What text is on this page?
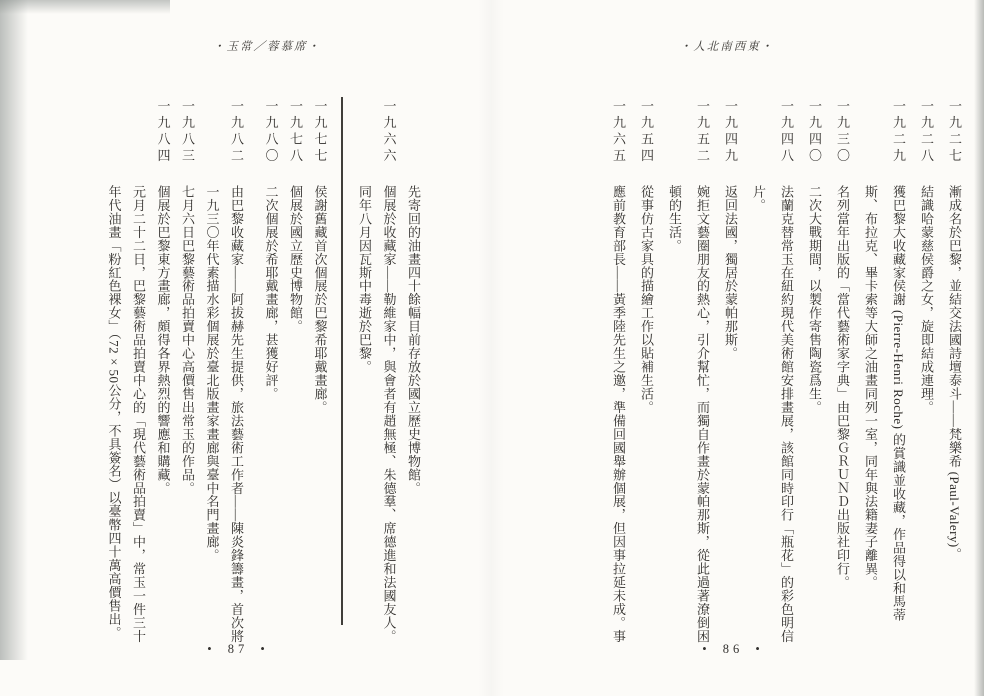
・玉常／蓉慕席・
先寄回的油畫四十餘幅目前存放於國立歷史博物館。
一九六六
個展於收藏家——勒維家中，與會者有趙無極、朱德羣、席德進和法國友人。同年八月因瓦斯中毒逝於巴黎。
一九七七
侯謝舊藏首次個展於巴黎希耶戴畫廊。
一九七八
個展於國立歷史博物館。
一九八〇
二次個展於希耶戴畫廊，甚獲好評。
一九八二
由巴黎收藏家——阿拔赫先生提供，旅法藝術工作者——陳炎鋒籌畫，首次將一九三〇年代素描水彩個展於臺北版畫家畫廊與臺中名門畫廊。
一九八三
七月六日巴黎藝術品拍賣中心高價售出常玉的作品。
一九八四
個展於巴黎東方畫廊，頗得各界熱烈的響應和購藏。
元月二十二日，巴黎藝術品拍賣中心的「現代藝術品拍賣」中，常玉一件三十年代油畫「粉紅色裸女」（72×50公分，不具簽名）以臺幣四十萬高價售出。
• 87 •
・人北南西東・
一九二七
漸成名於巴黎，並結交法國詩壇泰斗——梵樂希 (Paul-Valery)。
一九二八
結識哈蒙慈侯爵之女，旋即結成連理。
一九二九
獲巴黎大收藏家侯謝 (Pierre-Henri Roche) 的賞識並收藏，作品得以和馬蒂斯、布拉克、畢卡索等大師之油畫同列一室，同年與法籍妻子離異。
一九三〇
名列當年出版的「當代藝術家字典」由巴黎ＧＲＵＮＤ出版社印行。
一九四〇
二次大戰期間，以製作寄售陶瓷爲生。
一九四八
法蘭克替常玉在紐約現代美術館安排畫展，該館同時印行「瓶花」的彩色明信片。
一九四九
返回法國，獨居於蒙帕那斯。
一九五二
婉拒文藝圈朋友的熱心，引介幫忙，而獨自作畫於蒙帕那斯，從此過著潦倒困頓的生活。
一九五四
從事仿古家具的描繪工作以貼補生活。
一九六五
應前教育部長——黃季陸先生之邀，準備回國舉辦個展，但因事拉延未成。事
• 86 •
